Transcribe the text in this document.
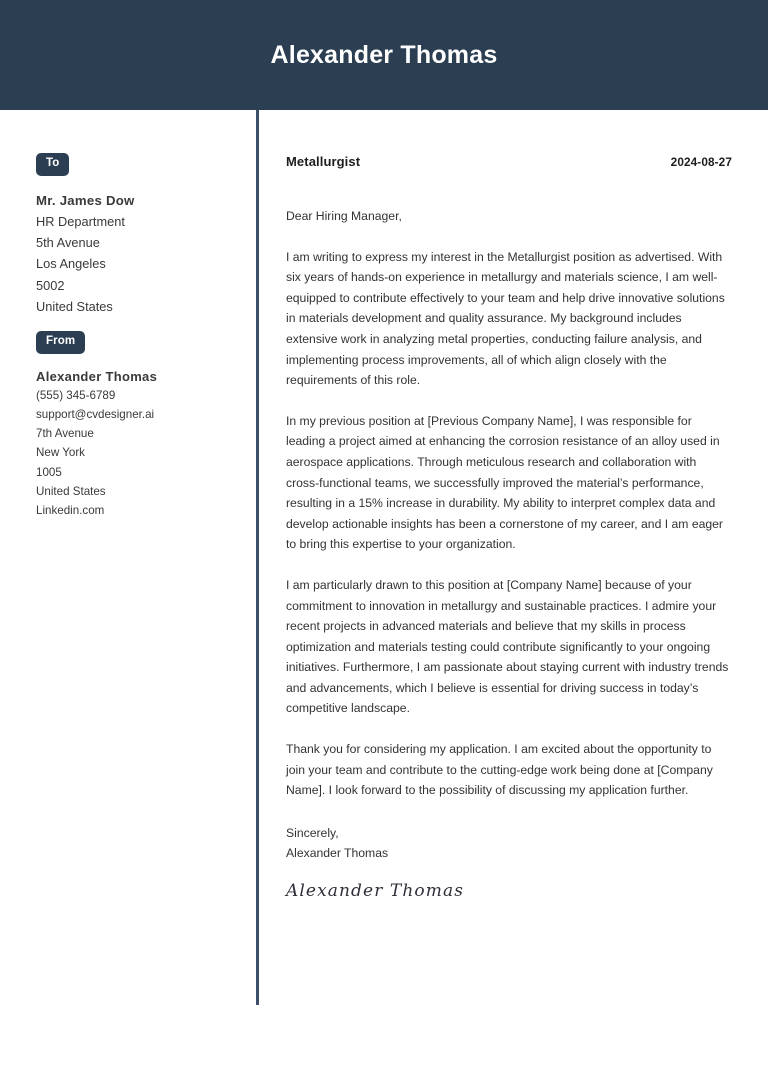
Alexander Thomas
To
Mr. James Dow
HR Department
5th Avenue
Los Angeles
5002
United States
From
Alexander Thomas
(555) 345-6789
support@cvdesigner.ai
7th Avenue
New York
1005
United States
Linkedin.com
Metallurgist	2024-08-27
Dear Hiring Manager,

I am writing to express my interest in the Metallurgist position as advertised. With six years of hands-on experience in metallurgy and materials science, I am well-equipped to contribute effectively to your team and help drive innovative solutions in materials development and quality assurance. My background includes extensive work in analyzing metal properties, conducting failure analysis, and implementing process improvements, all of which align closely with the requirements of this role.

In my previous position at [Previous Company Name], I was responsible for leading a project aimed at enhancing the corrosion resistance of an alloy used in aerospace applications. Through meticulous research and collaboration with cross-functional teams, we successfully improved the material’s performance, resulting in a 15% increase in durability. My ability to interpret complex data and develop actionable insights has been a cornerstone of my career, and I am eager to bring this expertise to your organization.

I am particularly drawn to this position at [Company Name] because of your commitment to innovation in metallurgy and sustainable practices. I admire your recent projects in advanced materials and believe that my skills in process optimization and materials testing could contribute significantly to your ongoing initiatives. Furthermore, I am passionate about staying current with industry trends and advancements, which I believe is essential for driving success in today’s competitive landscape.

Thank you for considering my application. I am excited about the opportunity to join your team and contribute to the cutting-edge work being done at [Company Name]. I look forward to the possibility of discussing my application further.

Sincerely,
Alexander Thomas
Alexander Thomas
